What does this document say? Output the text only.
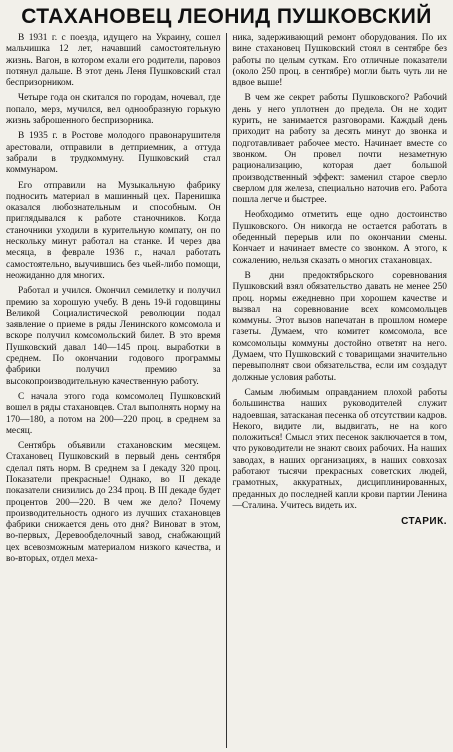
СТАХАНОВЕЦ ЛЕОНИД ПУШКОВСКИЙ

В 1931 г. с поезда, идущего на Украину, сошел мальчишка 12 лет, начавший самостоятельную жизнь. Вагон, в котором ехали его родители, паровоз потянул дальше. В этот день Леня Пушковский стал беспризорником.

Четыре года он скитался по городам, ночевал, где попало, мерз, мучился, вел однообразную горькую жизнь заброшенного беспризорника.

В 1935 г. в Ростове молодого правонарушителя арестовали, отправили в детприемник, а оттуда забрали в трудкоммуну. Пушковский стал коммунаром.

Его отправили на Музыкальную фабрику подносить материал в машинный цех. Паренишка оказался любознательным и способным. Он приглядывался к работе станочников. Когда станочники уходили в курительную компату, он по нескольку минут работал на станке. И через два месяца, в феврале 1936 г., начал работать самостоятельно, выучившись без чьей-либо помощи, неожиданно для многих.

Работал и учился. Окончил семилетку и получил премию за хорошую учебу. В день 19-й годовщины Великой Социалистической революции подал заявление о приеме в ряды Ленинского комсомола и вскоре получил комсомольский билет. В это время Пушковский давал 140—145 проц. выработки в среднем. По окончании годового программы фабрики получил премию за высокопроизводительную качественную работу.

С начала этого года комсомолец Пушковский вошел в ряды стахановцев. Стал выполнять норму на 170—180, а потом на 200—220 проц. в среднем за месяц.

Сентябрь объявили стахановским месяцем. Стахановец Пушковский в первый день сентября сделал пять норм. В среднем за I декаду 320 проц. Показатели прекрасные! Однако, во II декаде показатели снизились до 234 проц. В III декаде будет процентов 200—220. В чем же дело? Почему производительность одного из лучших стахановцев фабрики снижается день ото дня? Виноват в этом, во-первых, Деревообделочный завод, снабжающий цех всевозможным материалом низкого качества, и во-вторых, отдел меха-

ника, задерживающий ремонт оборудования. По их вине стахановец Пушковский стоял в сентябре без работы по целым суткам. Его отличные показатели (около 250 проц. в сентябре) могли быть чуть ли не вдвое выше!

В чем же секрет работы Пушковского? Рабочий день у него уплотнен до предела. Он не ходит курить, не занимается разговорами. Каждый день приходит на работу за десять минут до звонка и подготавливает рабочее место. Начинает вместе со звонком. Он провел почти незаметную рационализацию, которая дает большой производственный эффект: заменил старое сверло сверлом для железа, специально наточив его. Работа пошла легче и быстрее.

Необходимо отметить еще одно достоинство Пушковского. Он никогда не остается работать в обеденный перерыв или по окончании смены. Кончает и начинает вместе со звонком. А этого, к сожалению, нельзя сказать о многих стахановцах.

В дни предоктябрьского соревнования Пушковский взял обязательство давать не менее 250 проц. нормы ежедневно при хорошем качестве и вызвал на соревнование всех комсомольцев коммуны. Этот вызов напечатан в прошлом номере газеты. Думаем, что комитет комсомола, все комсомольцы коммуны достойно ответят на него. Думаем, что Пушковский с товарищами значительно перевыполнят свои обязательства, если им создадут должные условия работы.

Самым любимым оправданием плохой работы большинства наших руководителей служит надоевшая, затасканая песенка об отсутствии кадров. Некого, видите ли, выдвигать, не на кого положиться! Смысл этих песенок заключается в том, что руководители не знают своих рабочих. На наших заводах, в наших организациях, в наших совхозах работают тысячи прекрасных советских людей, грамотных, аккуратных, дисциплинированных, преданных до последней капли крови партии Ленина—Сталина. Учитесь видеть их.

СТАРИК.
